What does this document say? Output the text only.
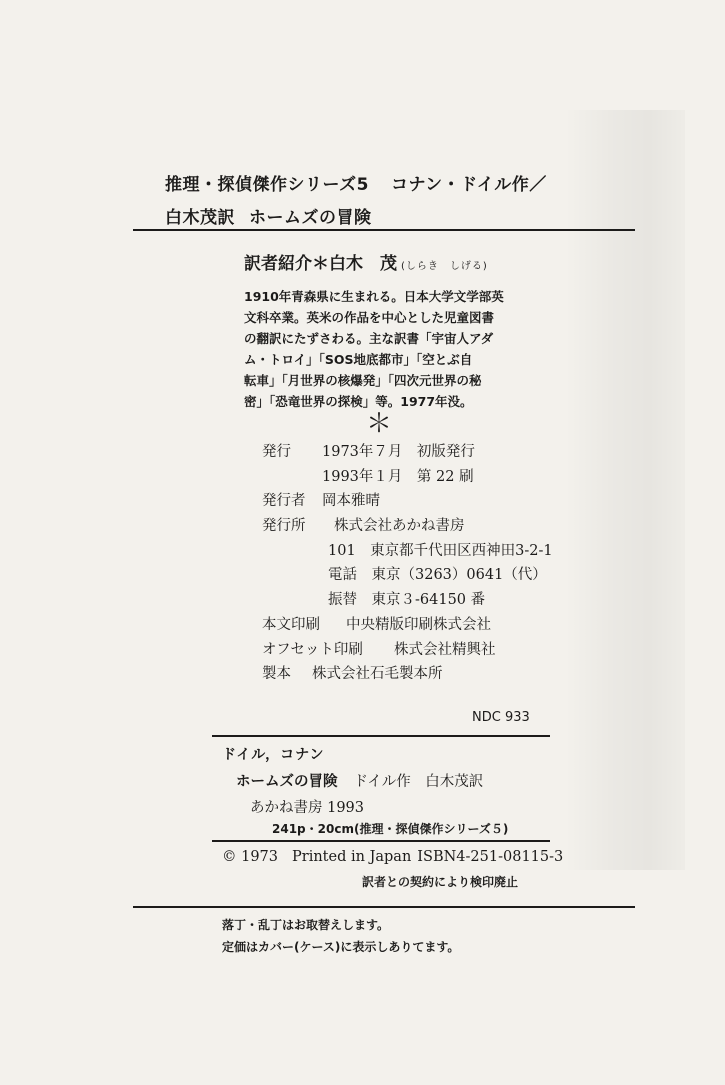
推理・探偵傑作シリーズ5 コナン・ドイル作／
白木茂訳 ホームズの冒険
訳者紹介＊白木　茂 (しらき　しげる)

1910年青森県に生まれる。日本大学文学部英

文科卒業。英米の作品を中心とした児童図書

の翻訳にたずさわる。主な訳書「宇宙人アダ

ム・トロイ」「SOS地底都市」「空とぶ自

転車」「月世界の核爆発」「四次元世界の秘

密」「恐竜世界の探検」等。1977年没。

＊
発行 1973年７月　初版発行
1993年１月　第 22 刷
発行者 岡本雅晴
発行所 株式会社あかね書房
101　東京都千代田区西神田3-2-1
電話　東京（3263）0641（代）
振替　東京３-64150 番
本文印刷 中央精版印刷株式会社
オフセット印刷 株式会社精興社
製本 株式会社石毛製本所
NDC 933
ドイル，コナン
ホームズの冒険 ドイル作　白木茂訳
あかね書房 1993
241p・20cm(推理・探偵傑作シリーズ５)
© 1973 Printed in Japan ISBN4-251-08115-3
訳者との契約により検印廃止
落丁・乱丁はお取替えします。
定価はカバー(ケース)に表示しありてます。
